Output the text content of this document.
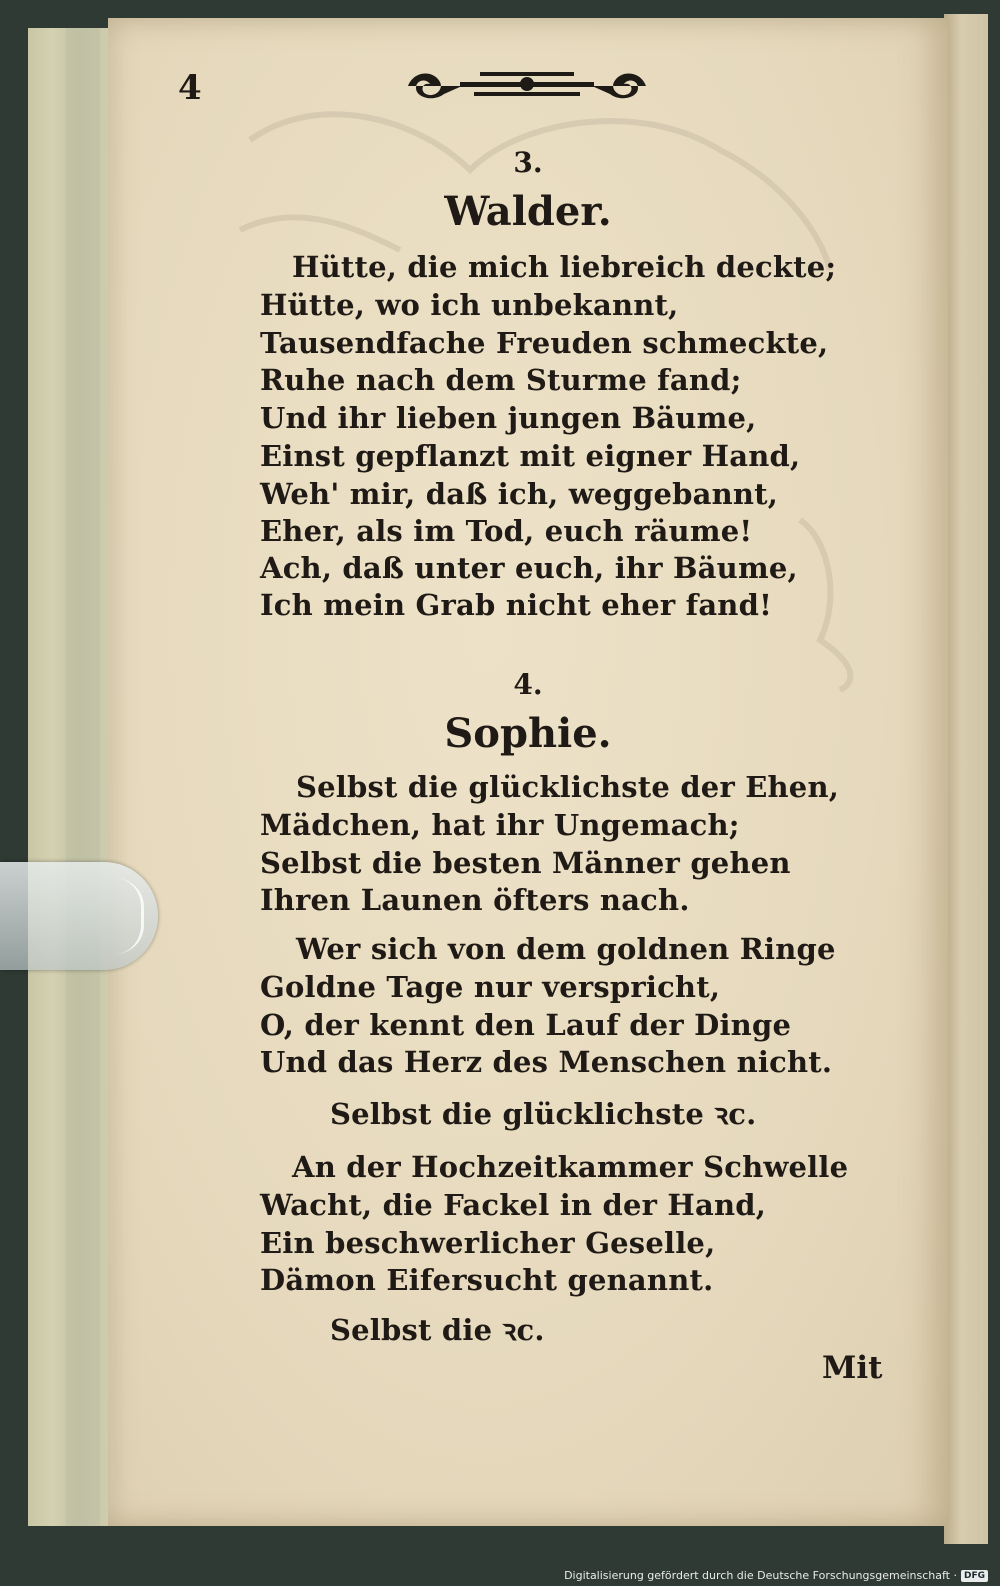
4
3.
Walder.
Hütte, die mich liebreich deckte;
Hütte, wo ich unbekannt,
Tausendfache Freuden schmeckte,
Ruhe nach dem Sturme fand;
Und ihr lieben jungen Bäume,
Einst gepflanzt mit eigner Hand,
Weh' mir, daß ich, weggebannt,
Eher, als im Tod, euch räume!
Ach, daß unter euch, ihr Bäume,
Ich mein Grab nicht eher fand!
4.
Sophie.
Selbst die glücklichste der Ehen,
Mädchen, hat ihr Ungemach;
Selbst die besten Männer gehen
Ihren Launen öfters nach.
Wer sich von dem goldnen Ringe
Goldne Tage nur verspricht,
O, der kennt den Lauf der Dinge
Und das Herz des Menschen nicht.
Selbst die glücklichste ꝛc.
An der Hochzeitkammer Schwelle
Wacht, die Fackel in der Hand,
Ein beschwerlicher Geselle,
Dämon Eifersucht genannt.
Selbst die ꝛc.
Mit
Digitalisierung gefördert durch die Deutsche Forschungsgemeinschaft · DFG
